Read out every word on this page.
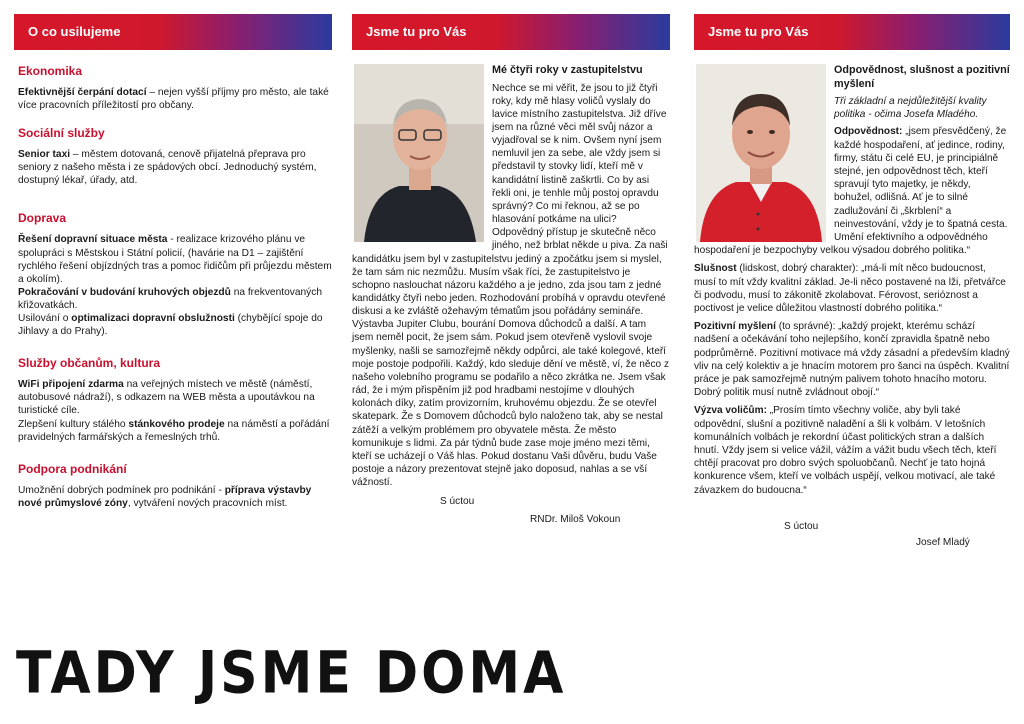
O co usilujeme
Ekonomika

Efektivnější čerpání dotací – nejen vyšší příjmy pro město, ale také více pracovních příležitostí pro občany.

Sociální služby

Senior taxi – městem dotovaná, cenově přijatelná přeprava pro seniory z našeho města i ze spádových obcí. Jednoduchý systém, dostupný lékař, úřady, atd.

Doprava

Řešení dopravní situace města - realizace krizového plánu ve spolupráci s Městskou i Státní policií, (havárie na D1 – zajištění rychlého řešení objízdných tras a pomoc řidičům při průjezdu městem a okolím).

Pokračování v budování kruhových objezdů na frekventovaných křižovatkách.

Usilování o optimalizaci dopravní obslužnosti (chybějící spoje do Jihlavy a do Prahy).

Služby občanům, kultura

WiFi připojení zdarma na veřejných místech ve městě (náměstí, autobusové nádraží), s odkazem na WEB města a upoutávkou na turistické cíle.

Zlepšení kultury stálého stánkového prodeje na náměstí a pořádání pravidelných farmářských a řemeslných trhů.

Podpora podnikání

Umožnění dobrých podmínek pro podnikání - příprava výstavby nové průmyslové zóny, vytváření nových pracovních míst.

Jsme tu pro Vás
Mé čtyři roky v zastupitelstvu
Nechce se mi věřit, že jsou to již čtyři roky, kdy mě hlasy voličů vyslaly do lavice místního zastupitelstva. Již dříve jsem na různé věci měl svůj názor a vyjadřoval se k nim. Ovšem nyní jsem nemluvil jen za sebe, ale vždy jsem si představil ty stovky lidí, kteří mě v kandidátní listině zaškrtli. Co by asi řekli oni, je tenhle můj postoj opravdu správný? Co mi řeknou, až se po hlasování potkáme na ulici? Odpovědný přístup je skutečně něco jiného, než brblat někde u piva. Za naši kandidátku jsem byl v zastupitelstvu jediný a zpočátku jsem si myslel, že tam sám nic nezmůžu. Musím však říci, že zastupitelstvo je schopno naslouchat názoru každého a je jedno, zda jsou tam z jedné kandidátky čtyři nebo jeden. Rozhodování probíhá v opravdu otevřené diskusi a ke zvláště ožehavým tématům jsou pořádány semináře. Výstavba Jupiter Clubu, bourání Domova důchodců a další. A tam jsem neměl pocit, že jsem sám. Pokud jsem otevřeně vyslovil svoje myšlenky, našli se samozřejmě někdy odpůrci, ale také kolegové, kteří moje postoje podpořili. Každý, kdo sleduje dění ve městě, ví, že něco z našeho volebního programu se podařilo a něco zkrátka ne. Jsem však rád, že i mým přispěním již pod hradbami nestojíme v dlouhých kolonách díky, zatím provizorním, kruhovému objezdu. Že se otevřel skatepark. Že s Domovem důchodců bylo naloženo tak, aby se nestal zátěží a velkým problémem pro obyvatele města. Že město komunikuje s lidmi. Za pár týdnů bude zase moje jméno mezi těmi, kteří se ucházejí o Váš hlas. Pokud dostanu Vaši důvěru, budu Vaše postoje a názory prezentovat stejně jako doposud, nahlas a se vší vážností.
S úctou
RNDr. Miloš Vokoun
Jsme tu pro Vás
Odpovědnost, slušnost a pozitivní myšlení
Tři základní a nejdůležitější kvality politika - očima Josefa Mladého.
Odpovědnost: „jsem přesvědčený, že každé hospodaření, ať jedince, rodiny, firmy, státu či celé EU, je principiálně stejné, jen odpovědnost těch, kteří spravují tyto majetky, je někdy, bohužel, odlišná. Ať je to silné zadlužování či „škrblení“ a neinvestování, vždy je to špatná cesta. Umění efektivního a odpovědného hospodaření je bezpochyby velkou výsadou dobrého politika.“
Slušnost (lidskost, dobrý charakter): „má-li mít něco budoucnost, musí to mít vždy kvalitní základ. Je-li něco postavené na lži, přetvářce či podvodu, musí to zákonitě zkolabovat. Férovost, serióznost a poctivost je velice důležitou vlastností dobrého politika.“
Pozitivní myšlení (to správné): „každý projekt, kterému schází nadšení a očekávání toho nejlepšího, končí zpravidla špatně nebo podprůměrně. Pozitivní motivace má vždy zásadní a především kladný vliv na celý kolektiv a je hnacím motorem pro šanci na úspěch. Kvalitní práce je pak samozřejmě nutným palivem tohoto hnacího motoru. Dobrý politik musí nutně zvládnout obojí.“
Výzva voličům: „Prosím tímto všechny voliče, aby byli také odpovědní, slušní a pozitivně naladění a šli k volbám. V letošních komunálních volbách je rekordní účast politických stran a dalších hnutí. Vždy jsem si velice vážil, vážím a vážit budu všech těch, kteří chtějí pracovat pro dobro svých spoluobčanů. Nechť je tato hojná konkurence všem, kteří ve volbách uspějí, velkou motivací, ale také závazkem do budoucna.“
S úctou
Josef Mladý
TADY JSME DOMA
